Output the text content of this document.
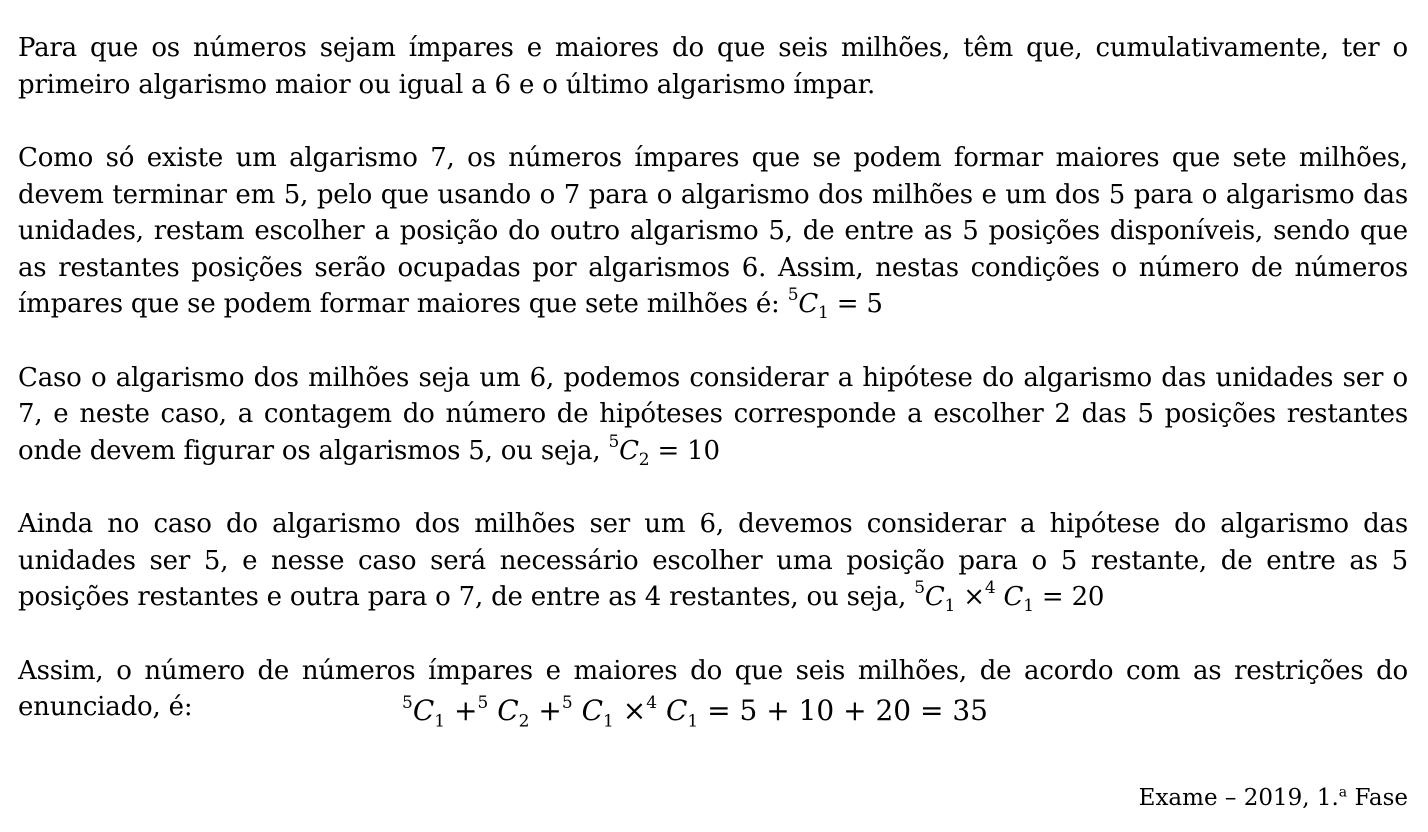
Para que os números sejam ímpares e maiores do que seis milhões, têm que, cumulativamente, ter o primeiro algarismo maior ou igual a 6 e o último algarismo ímpar.

Como só existe um algarismo 7, os números ímpares que se podem formar maiores que sete milhões, devem terminar em 5, pelo que usando o 7 para o algarismo dos milhões e um dos 5 para o algarismo das unidades, restam escolher a posição do outro algarismo 5, de entre as 5 posições disponíveis, sendo que as restantes posições serão ocupadas por algarismos 6. Assim, nestas condições o número de números ímpares que se podem formar maiores que sete milhões é: $^5C_1 = 5$

Caso o algarismo dos milhões seja um 6, podemos considerar a hipótese do algarismo das unidades ser o 7, e neste caso, a contagem do número de hipóteses corresponde a escolher 2 das 5 posições restantes onde devem figurar os algarismos 5, ou seja, $^5C_2 = 10$

Ainda no caso do algarismo dos milhões ser um 6, devemos considerar a hipótese do algarismo das unidades ser 5, e nesse caso será necessário escolher uma posição para o 5 restante, de entre as 5 posições restantes e outra para o 7, de entre as 4 restantes, ou seja, $^5C_1 \times^4$ $C_1 = 20$

Assim, o número de números ímpares e maiores do que seis milhões, de acordo com as restrições do enunciado, é:	$^5C_1 +^5$ $C_2 +^5$ $C_1 \times^4$ $C_1 = 5 + 10 + 20 = 35$
Exame – 2019, 1.$^a$ Fase
